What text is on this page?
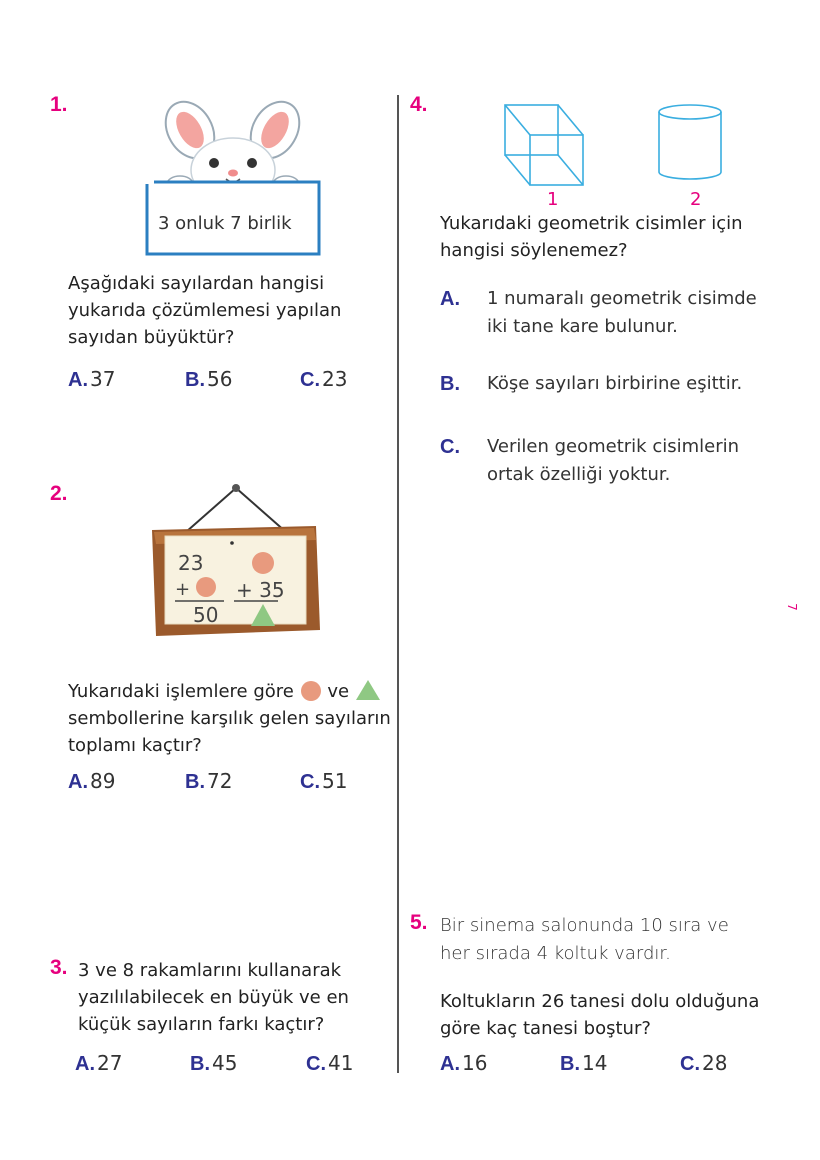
7
1.
3 onluk 7 birlik
Aşağıdaki sayılardan hangisi yukarıda çözümlemesi yapılan sayıdan büyüktür?
A. 37	B. 56	C. 23
2.
23
+
50
+ 35
Yukarıdaki işlemlere göre ve
sembollerine karşılık gelen sayıların toplamı kaçtır?
A. 89	B. 72	C. 51
3. 3 ve 8 rakamlarını kullanarak yazılılabilecek en büyük ve en küçük sayıların farkı kaçtır?
A. 27	B. 45	C. 41
4.
1	2
Yukarıdaki geometrik cisimler için hangisi söylenemez?
A. 1 numaralı geometrik cisimde iki tane kare bulunur.
B. Köşe sayıları birbirine eşittir.
C. Verilen geometrik cisimlerin ortak özelliği yoktur.
5. Bir sinema salonunda 10 sıra ve her sırada 4 koltuk vardır.
Koltukların 26 tanesi dolu olduğuna göre kaç tanesi boştur?
A. 16	B. 14	C. 28
